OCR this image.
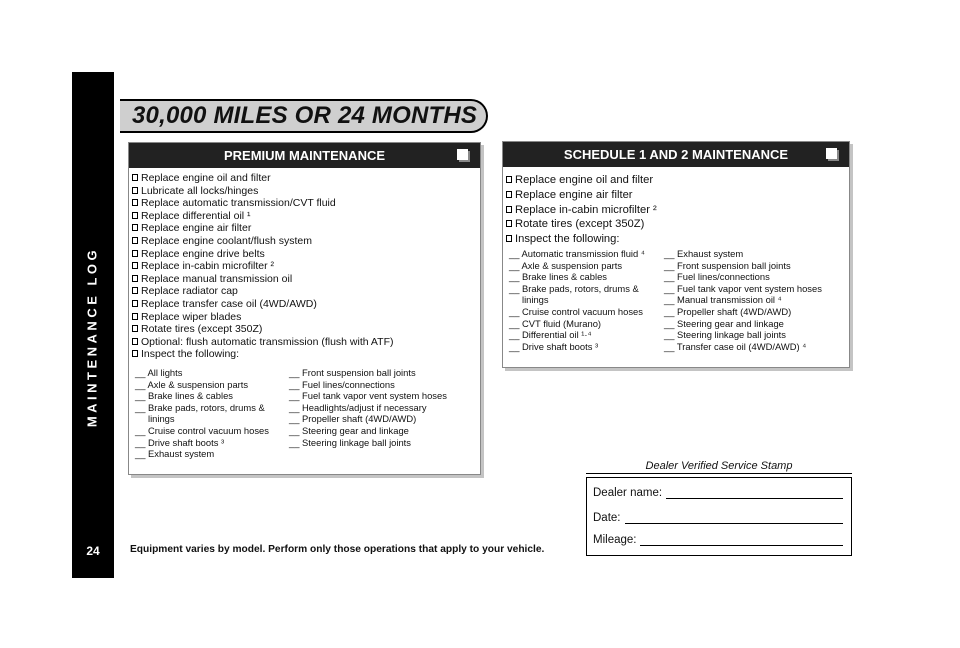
MAINTENANCE LOG
24
30,000 MILES OR 24 MONTHS
PREMIUM MAINTENANCE
Replace engine oil and filter
Lubricate all locks/hinges
Replace automatic transmission/CVT fluid
Replace differential oil ¹
Replace engine air filter
Replace engine coolant/flush system
Replace engine drive belts
Replace in-cabin microfilter ²
Replace manual transmission oil
Replace radiator cap
Replace transfer case oil (4WD/AWD)
Replace wiper blades
Rotate tires (except 350Z)
Optional: flush automatic transmission (flush with ATF)
Inspect the following:
__ All lights
__ Axle & suspension parts
__ Brake lines & cables
__ Brake pads, rotors, drums &
linings
__ Cruise control vacuum hoses
__ Drive shaft boots ³
__ Exhaust system
__ Front suspension ball joints
__ Fuel lines/connections
__ Fuel tank vapor vent system hoses
__ Headlights/adjust if necessary
__ Propeller shaft (4WD/AWD)
__ Steering gear and linkage
__ Steering linkage ball joints
SCHEDULE 1 AND 2 MAINTENANCE
Replace engine oil and filter
Replace engine air filter
Replace in-cabin microfilter ²
Rotate tires (except 350Z)
Inspect the following:
__ Automatic transmission fluid ⁴
__ Axle & suspension parts
__ Brake lines & cables
__ Brake pads, rotors, drums &
linings
__ Cruise control vacuum hoses
__ CVT fluid (Murano)
__ Differential oil ¹·⁴
__ Drive shaft boots ³
__ Exhaust system
__ Front suspension ball joints
__ Fuel lines/connections
__ Fuel tank vapor vent system hoses
__ Manual transmission oil ⁴
__ Propeller shaft (4WD/AWD)
__ Steering gear and linkage
__ Steering linkage ball joints
__ Transfer case oil (4WD/AWD) ⁴
Equipment varies by model. Perform only those operations that apply to your vehicle.
Dealer Verified Service Stamp
Dealer name:
Date:
Mileage:
